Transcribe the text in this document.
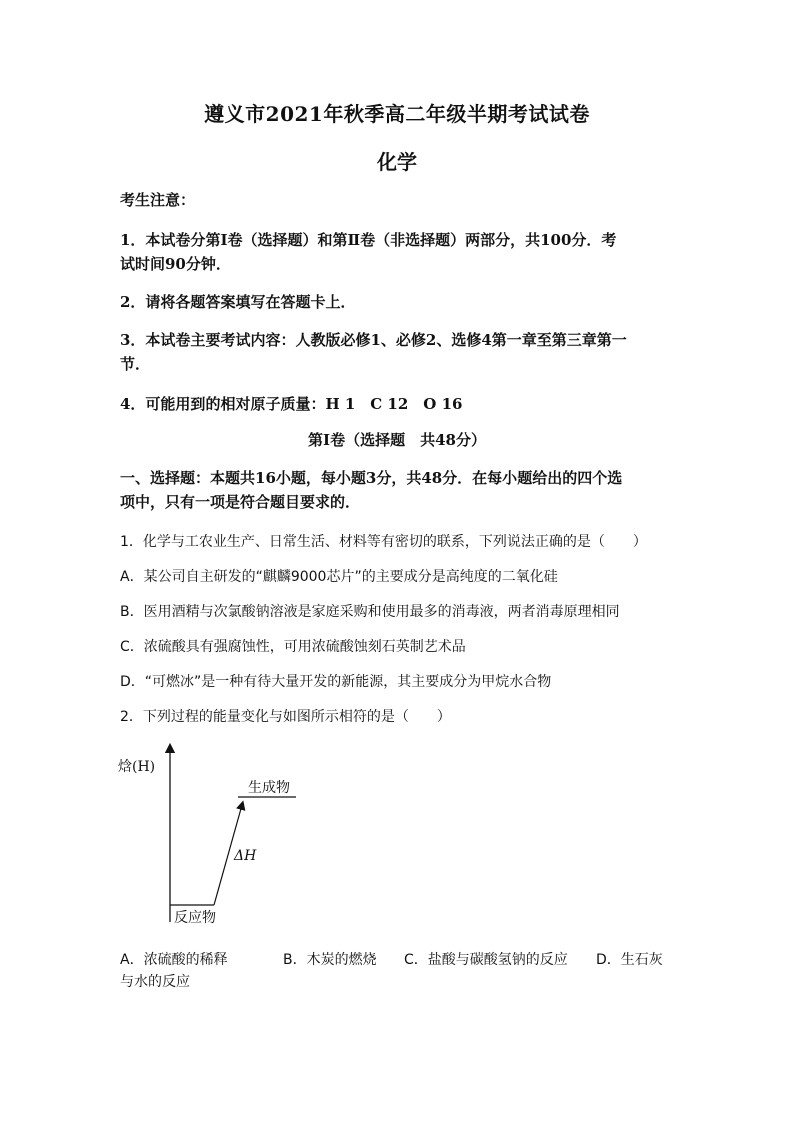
遵义市2021年秋季高二年级半期考试试卷
化学
考生注意：
1．本试卷分第Ⅰ卷（选择题）和第Ⅱ卷（非选择题）两部分，共100分．考
试时间90分钟．
2．请将各题答案填写在答题卡上．
3．本试卷主要考试内容：人教版必修1、必修2、选修4第一章至第三章第一
节．
4．可能用到的相对原子质量：H 1　C 12　O 16
第Ⅰ卷（选择题　共48分）
一、选择题：本题共16小题，每小题3分，共48分．在每小题给出的四个选
项中，只有一项是符合题目要求的．
1．化学与工农业生产、日常生活、材料等有密切的联系，下列说法正确的是（　　）
A．某公司自主研发的“麒麟9000芯片”的主要成分是高纯度的二氧化硅
B．医用酒精与次氯酸钠溶液是家庭采购和使用最多的消毒液，两者消毒原理相同
C．浓硫酸具有强腐蚀性，可用浓硫酸蚀刻石英制艺术品
D．“可燃冰”是一种有待大量开发的新能源，其主要成分为甲烷水合物
2．下列过程的能量变化与如图所示相符的是（　　）
焓(H)
生成物
反应物
ΔH
A．浓硫酸的稀释	B．木炭的燃烧 C．盐酸与碳酸氢钠的反应 D．生石灰
与水的反应
